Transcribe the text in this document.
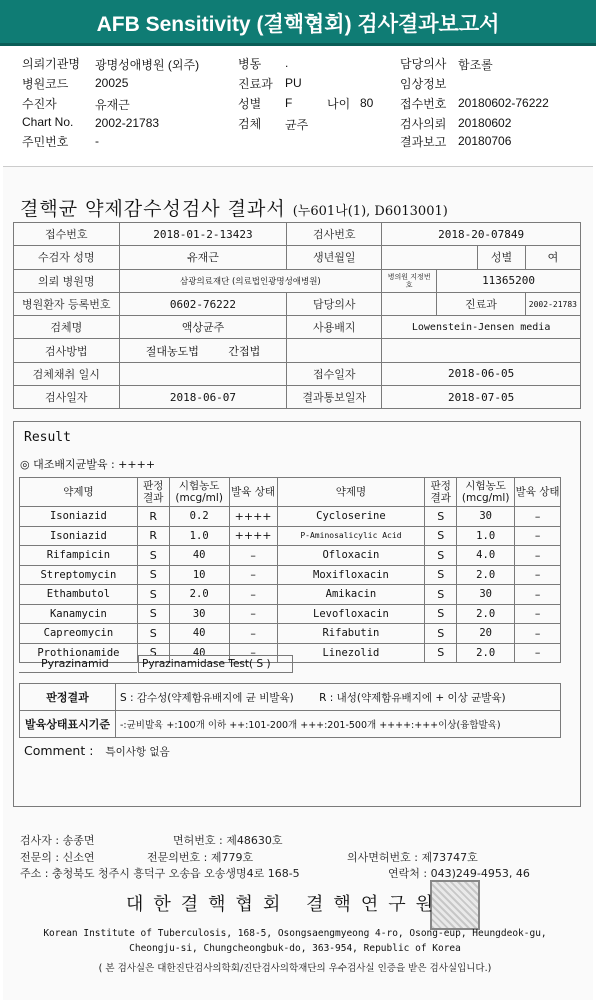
AFB Sensitivity (결핵협회) 검사결과보고서
의뢰기관명 광명성애병원 (외주)	병동 .	담당의사 함조롤
병원코드 20025	진료과 PU	임상정보
수진자	유재근	성별 F	나이 80 접수번호 20180602-76222
Chart No. 2002-21783	검체 균주	검사의뢰 20180602
주민번호 -	결과보고 20180706
결핵균 약제감수성검사 결과서 (누601나(1), D6013001)
접수번호	2018-01-2-13423	검사번호	2018-20-07849			
수검자 성명	유재근	생년월일			성별	여
의뢰 병원명	삼광의료재단 (의료법인광명성애병원)		병의원 지정번호	11365200		
병원환자 등록번호	0602-76222	담당의사		진료과		2002-21783
검체명	액상균주	사용배지	Lowenstein-Jensen media			
검사방법	절대농도법 간접법					
검체채취 일시		접수일자	2018-06-05			
검사일자	2018-06-07	결과통보일자	2018-07-05			
Result
◎ 대조배지균발육 : ++++
약제명	판정 결과	시험농도 (mcg/ml)	발육 상태	약제명	판정 결과	시험농도 (mcg/ml)	발육 상태
Isoniazid	R	0.2	++++	Cycloserine	S	30	–
Isoniazid	R	1.0	++++	P-Aminosalicylic Acid	S	1.0	–
Rifampicin	S	40	–	Ofloxacin	S	4.0	–
Streptomycin	S	10	–	Moxifloxacin	S	2.0	–
Ethambutol	S	2.0	–	Amikacin	S	30	–
Kanamycin	S	30	–	Levofloxacin	S	2.0	–
Capreomycin	S	40	–	Rifabutin	S	20	–
Prothionamide	S	40	–	Linezolid	S	2.0	–
Pyrazinamid	Pyrazinamidase Test( S )
판정결과	S : 감수성(약제함유배지에 균 비발육) R : 내성(약제함유배지에 + 이상 균발육)
발육상태표시기준	-:균비발육 +:100개 이하 ++:101-200개 +++:201-500개 ++++:+++이상(융합발육)
Comment : 특이사항 없음
검사자 : 송종면	면허번호 : 제48630호
전문의 : 신소연	전문의번호 : 제779호	의사면허번호 : 제73747호
주소 : 충청북도 청주시 흥덕구 오송읍 오송생명4로 168-5	연락처 : 043)249-4953, 46
대한결핵협회 결핵연구원
Korean Institute of Tuberculosis, 168-5, Osongsaengmyeong 4-ro, Osong-eup, Heungdeok-gu,
Cheongju-si, Chungcheongbuk-do, 363-954, Republic of Korea
( 본 검사실은 대한진단검사의학회/진단검사의학재단의 우수검사실 인증을 받은 검사실입니다.)
